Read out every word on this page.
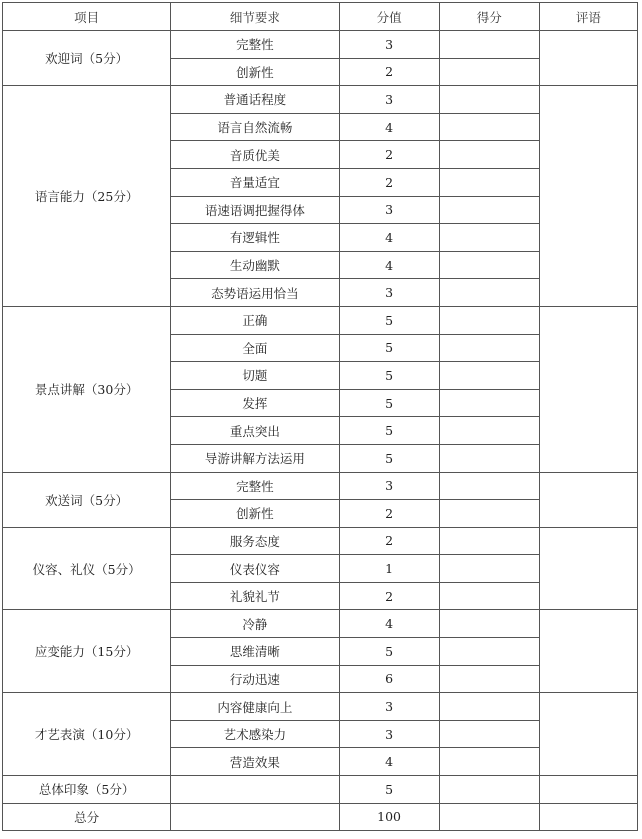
项目	细节要求	分值	得分	评语
欢迎词（5分）	完整性	3		
	创新性	2		
语言能力（25分）	普通话程度	3		
	语言自然流畅	4		
	音质优美	2		
	音量适宜	2		
	语速语调把握得体	3		
	有逻辑性	4		
	生动幽默	4		
	态势语运用恰当	3		
景点讲解（30分）	正确	5		
	全面	5		
	切题	5		
	发挥	5		
	重点突出	5		
	导游讲解方法运用	5		
欢送词（5分）	完整性	3		
	创新性	2		
仪容、礼仪（5分）	服务态度	2		
	仪表仪容	1		
	礼貌礼节	2		
应变能力（15分）	冷静	4		
	思维清晰	5		
	行动迅速	6		
才艺表演（10分）	内容健康向上	3		
	艺术感染力	3		
	营造效果	4		
总体印象（5分）		5		
总分		100		
